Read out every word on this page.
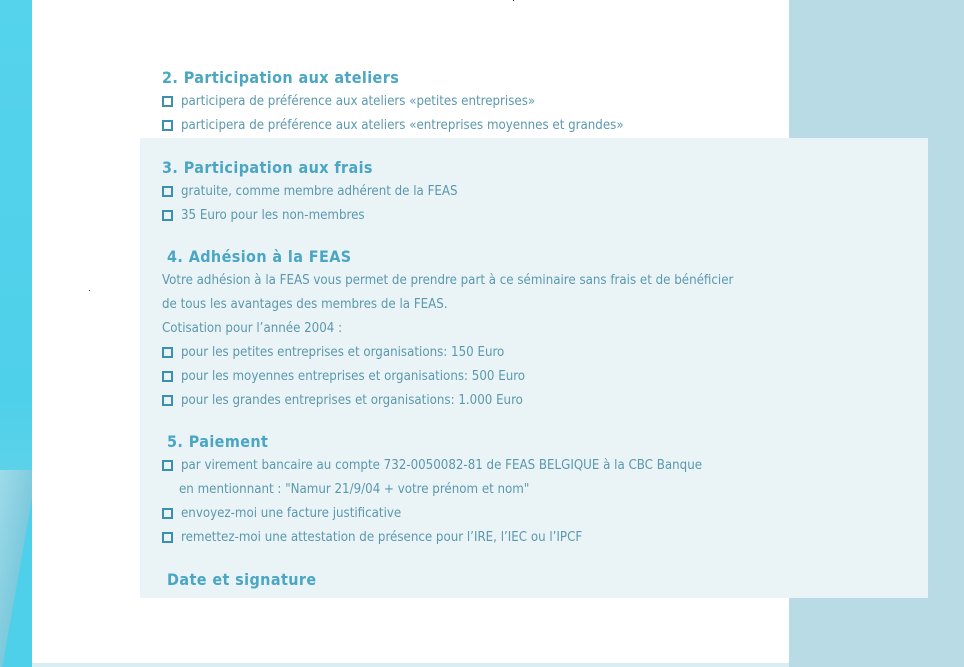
2. Participation aux ateliers
participera de préférence aux ateliers «petites entreprises»
participera de préférence aux ateliers «entreprises moyennes et grandes»
3. Participation aux frais
gratuite, comme membre adhérent de la FEAS
35 Euro pour les non-membres
4. Adhésion à la FEAS
Votre adhésion à la FEAS vous permet de prendre part à ce séminaire sans frais et de bénéficier
de tous les avantages des membres de la FEAS.
Cotisation pour l’année 2004 :
pour les petites entreprises et organisations: 150 Euro
pour les moyennes entreprises et organisations: 500 Euro
pour les grandes entreprises et organisations: 1.000 Euro
5. Paiement
par virement bancaire au compte 732-0050082-81 de FEAS BELGIQUE à la CBC Banque
en mentionnant : "Namur 21/9/04 + votre prénom et nom"
envoyez-moi une facture justificative
remettez-moi une attestation de présence pour l’IRE, l’IEC ou l’IPCF
Date et signature
